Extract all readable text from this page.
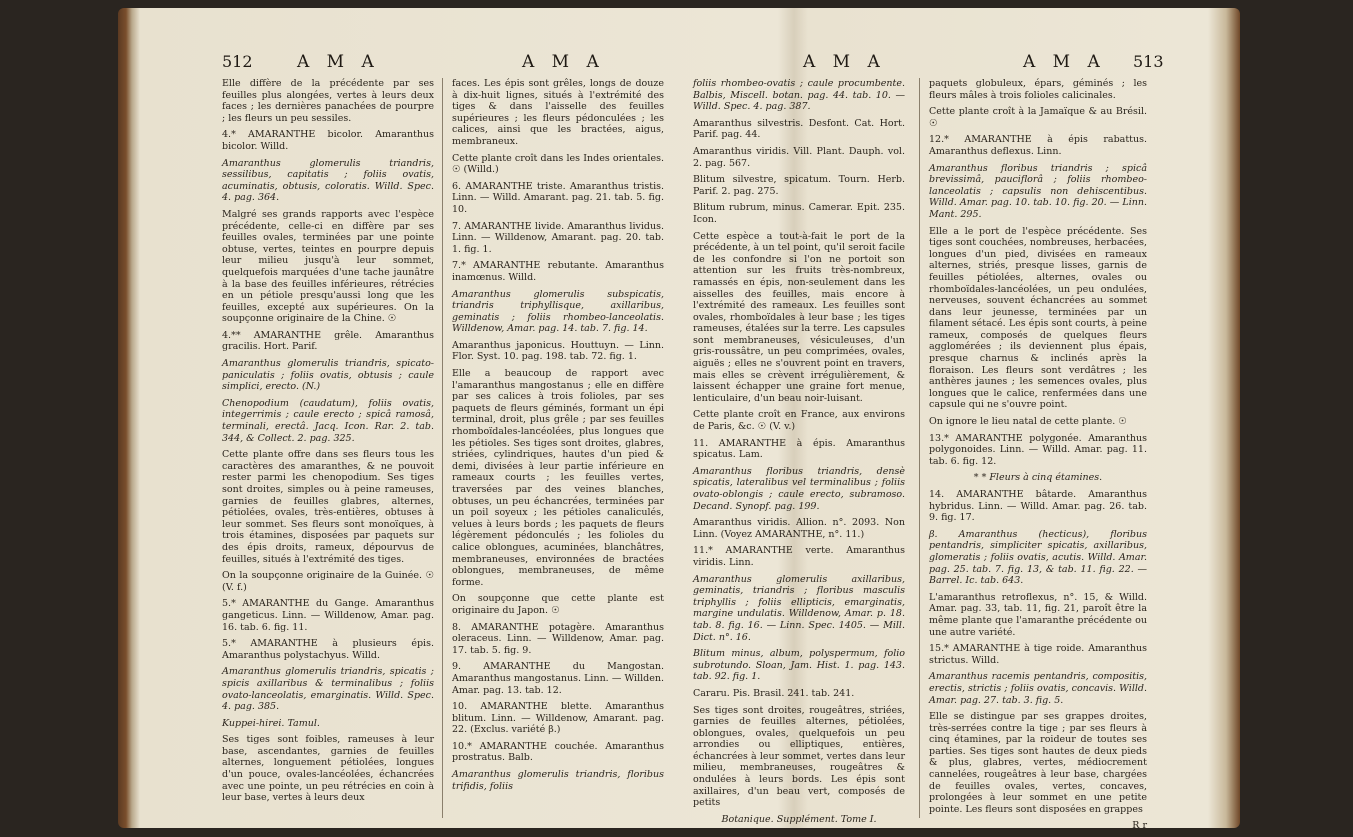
512	A M A	A M A

Elle diffère de la précédente par ses feuilles plus alongées, vertes à leurs deux faces ; les dernières panachées de pourpre ; les fleurs un peu sessiles.

4.* AMARANTHE bicolor. Amaranthus bicolor. Willd.

Amaranthus glomerulis triandris, sessilibus, capitatis ; foliis ovatis, acuminatis, obtusis, coloratis. Willd. Spec. 4. pag. 364.

Malgré ses grands rapports avec l'espèce précédente, celle-ci en diffère par ses feuilles ovales, terminées par une pointe obtuse, vertes, teintes en pourpre depuis leur milieu jusqu'à leur sommet, quelquefois marquées d'une tache jaunâtre à la base des feuilles inférieures, rétrécies en un pétiole presqu'aussi long que les feuilles, excepté aux supérieures. On la soupçonne originaire de la Chine. ☉

4.** AMARANTHE grêle. Amaranthus gracilis. Hort. Parif.

Amaranthus glomerulis triandris, spicato-paniculatis ; foliis ovatis, obtusis ; caule simplici, erecto. (N.)

Chenopodium (caudatum), foliis ovatis, integerrimis ; caule erecto ; spicâ ramosâ, terminali, erectâ. Jacq. Icon. Rar. 2. tab. 344, & Collect. 2. pag. 325.

Cette plante offre dans ses fleurs tous les caractères des amaranthes, & ne pouvoit rester parmi les chenopodium. Ses tiges sont droites, simples ou à peine rameuses, garnies de feuilles glabres, alternes, pétiolées, ovales, très-entières, obtuses à leur sommet. Ses fleurs sont monoïques, à trois étamines, disposées par paquets sur des épis droits, rameux, dépourvus de feuilles, situés à l'extrémité des tiges.

On la soupçonne originaire de la Guinée. ☉ (V. f.)

5.* AMARANTHE du Gange. Amaranthus gangeticus. Linn. — Willdenow, Amar. pag. 16. tab. 6. fig. 11.

5.* AMARANTHE à plusieurs épis. Amaranthus polystachyus. Willd.

Amaranthus glomerulis triandris, spicatis ; spicis axillaribus & terminalibus ; foliis ovato-lanceolatis, emarginatis. Willd. Spec. 4. pag. 385.

Kuppei-hirei. Tamul.

Ses tiges sont foibles, rameuses à leur base, ascendantes, garnies de feuilles alternes, longuement pétiolées, longues d'un pouce, ovales-lancéolées, échancrées avec une pointe, un peu rétrécies en coin à leur base, vertes à leurs deux

faces. Les épis sont grêles, longs de douze à dix-huit lignes, situés à l'extrémité des tiges & dans l'aisselle des feuilles supérieures ; les fleurs pédonculées ; les calices, ainsi que les bractées, aigus, membraneux.

Cette plante croît dans les Indes orientales. ☉ (Willd.)

6. AMARANTHE triste. Amaranthus tristis. Linn. — Willd. Amarant. pag. 21. tab. 5. fig. 10.

7. AMARANTHE livide. Amaranthus lividus. Linn. — Willdenow, Amarant. pag. 20. tab. 1. fig. 1.

7.* AMARANTHE rebutante. Amaranthus inamœnus. Willd.

Amaranthus glomerulis subspicatis, triandris triphyllisque, axillaribus, geminatis ; foliis rhombeo-lanceolatis. Willdenow, Amar. pag. 14. tab. 7. fig. 14.

Amaranthus japonicus. Houttuyn. — Linn. Flor. Syst. 10. pag. 198. tab. 72. fig. 1.

Elle a beaucoup de rapport avec l'amaranthus mangostanus ; elle en diffère par ses calices à trois folioles, par ses paquets de fleurs géminés, formant un épi terminal, droit, plus grêle ; par ses feuilles rhomboïdales-lancéolées, plus longues que les pétioles. Ses tiges sont droites, glabres, striées, cylindriques, hautes d'un pied & demi, divisées à leur partie inférieure en rameaux courts ; les feuilles vertes, traversées par des veines blanches, obtuses, un peu échancrées, terminées par un poil soyeux ; les pétioles canaliculés, velues à leurs bords ; les paquets de fleurs légèrement pédonculés ; les folioles du calice oblongues, acuminées, blanchâtres, membraneuses, environnées de bractées oblongues, membraneuses, de même forme.

On soupçonne que cette plante est originaire du Japon. ☉

8. AMARANTHE potagère. Amaranthus oleraceus. Linn. — Willdenow, Amar. pag. 17. tab. 5. fig. 9.

9. AMARANTHE du Mangostan. Amaranthus mangostanus. Linn. — Willden. Amar. pag. 13. tab. 12.

10. AMARANTHE blette. Amaranthus blitum. Linn. — Willdenow, Amarant. pag. 22. (Exclus. variété β.)

10.* AMARANTHE couchée. Amaranthus prostratus. Balb.

Amaranthus glomerulis triandris, floribus trifidis, foliis

A M A	A M A 513

foliis rhombeo-ovatis ; caule procumbente. Balbis, Miscell. botan. pag. 44. tab. 10. — Willd. Spec. 4. pag. 387.

Amaranthus silvestris. Desfont. Cat. Hort. Parif. pag. 44.

Amaranthus viridis. Vill. Plant. Dauph. vol. 2. pag. 567.

Blitum silvestre, spicatum. Tourn. Herb. Parif. 2. pag. 275.

Blitum rubrum, minus. Camerar. Epit. 235. Icon.

Cette espèce a tout-à-fait le port de la précédente, à un tel point, qu'il seroit facile de les confondre si l'on ne portoit son attention sur les fruits très-nombreux, ramassés en épis, non-seulement dans les aisselles des feuilles, mais encore à l'extrémité des rameaux. Les feuilles sont ovales, rhomboïdales à leur base ; les tiges rameuses, étalées sur la terre. Les capsules sont membraneuses, vésiculeuses, d'un gris-roussâtre, un peu comprimées, ovales, aiguës ; elles ne s'ouvrent point en travers, mais elles se crèvent irrégulièrement, & laissent échapper une graine fort menue, lenticulaire, d'un beau noir-luisant.

Cette plante croît en France, aux environs de Paris, &c. ☉ (V. v.)

11. AMARANTHE à épis. Amaranthus spicatus. Lam.

Amaranthus floribus triandris, densè spicatis, lateralibus vel terminalibus ; foliis ovato-oblongis ; caule erecto, subramoso. Decand. Synopf. pag. 199.

Amaranthus viridis. Allion. n°. 2093. Non Linn. (Voyez AMARANTHE, n°. 11.)

11.* AMARANTHE verte. Amaranthus viridis. Linn.

Amaranthus glomerulis axillaribus, geminatis, triandris ; floribus masculis triphyllis ; foliis ellipticis, emarginatis, margine undulatis. Willdenow, Amar. p. 18. tab. 8. fig. 16. — Linn. Spec. 1405. — Mill. Dict. n°. 16.

Blitum minus, album, polyspermum, folio subrotundo. Sloan, Jam. Hist. 1. pag. 143. tab. 92. fig. 1.

Cararu. Pis. Brasil. 241. tab. 241.

Ses tiges sont droites, rougeâtres, striées, garnies de feuilles alternes, pétiolées, oblongues, ovales, quelquefois un peu arrondies ou elliptiques, entières, échancrées à leur sommet, vertes dans leur milieu, membraneuses, rougeâtres & ondulées à leurs bords. Les épis sont axillaires, d'un beau vert, composés de petits

Botanique. Supplément. Tome I.

paquets globuleux, épars, géminés ; les fleurs mâles à trois folioles calicinales.

Cette plante croît à la Jamaïque & au Brésil. ☉

12.* AMARANTHE à épis rabattus. Amaranthus deflexus. Linn.

Amaranthus floribus triandris ; spicâ brevissimâ, pauciflorâ ; foliis rhombeo-lanceolatis ; capsulis non dehiscentibus. Willd. Amar. pag. 10. tab. 10. fig. 20. — Linn. Mant. 295.

Elle a le port de l'espèce précédente. Ses tiges sont couchées, nombreuses, herbacées, longues d'un pied, divisées en rameaux alternes, striés, presque lisses, garnis de feuilles pétiolées, alternes, ovales ou rhomboïdales-lancéolées, un peu ondulées, nerveuses, souvent échancrées au sommet dans leur jeunesse, terminées par un filament sétacé. Les épis sont courts, à peine rameux, composés de quelques fleurs agglomérées ; ils deviennent plus épais, presque charnus & inclinés après la floraison. Les fleurs sont verdâtres ; les anthères jaunes ; les semences ovales, plus longues que le calice, renfermées dans une capsule qui ne s'ouvre point.

On ignore le lieu natal de cette plante. ☉

13.* AMARANTHE polygonée. Amaranthus polygonoides. Linn. — Willd. Amar. pag. 11. tab. 6. fig. 12.

* * Fleurs à cinq étamines.

14. AMARANTHE bâtarde. Amaranthus hybridus. Linn. — Willd. Amar. pag. 26. tab. 9. fig. 17.

β. Amaranthus (hecticus), floribus pentandris, simpliciter spicatis, axillaribus, glomeratis ; foliis ovatis, acutis. Willd. Amar. pag. 25. tab. 7. fig. 13, & tab. 11. fig. 22. — Barrel. Ic. tab. 643.

L'amaranthus retroflexus, n°. 15, & Willd. Amar. pag. 33, tab. 11, fig. 21, paroît être la même plante que l'amaranthe précédente ou une autre variété.

15.* AMARANTHE à tige roide. Amaranthus strictus. Willd.

Amaranthus racemis pentandris, compositis, erectis, strictis ; foliis ovatis, concavis. Willd. Amar. pag. 27. tab. 3. fig. 5.

Elle se distingue par ses grappes droites, très-serrées contre la tige ; par ses fleurs à cinq étamines, par la roideur de toutes ses parties. Ses tiges sont hautes de deux pieds & plus, glabres, vertes, médiocrement cannelées, rougeâtres à leur base, chargées de feuilles ovales, vertes, concaves, prolongées à leur sommet en une petite pointe. Les fleurs sont disposées en grappes

R r
